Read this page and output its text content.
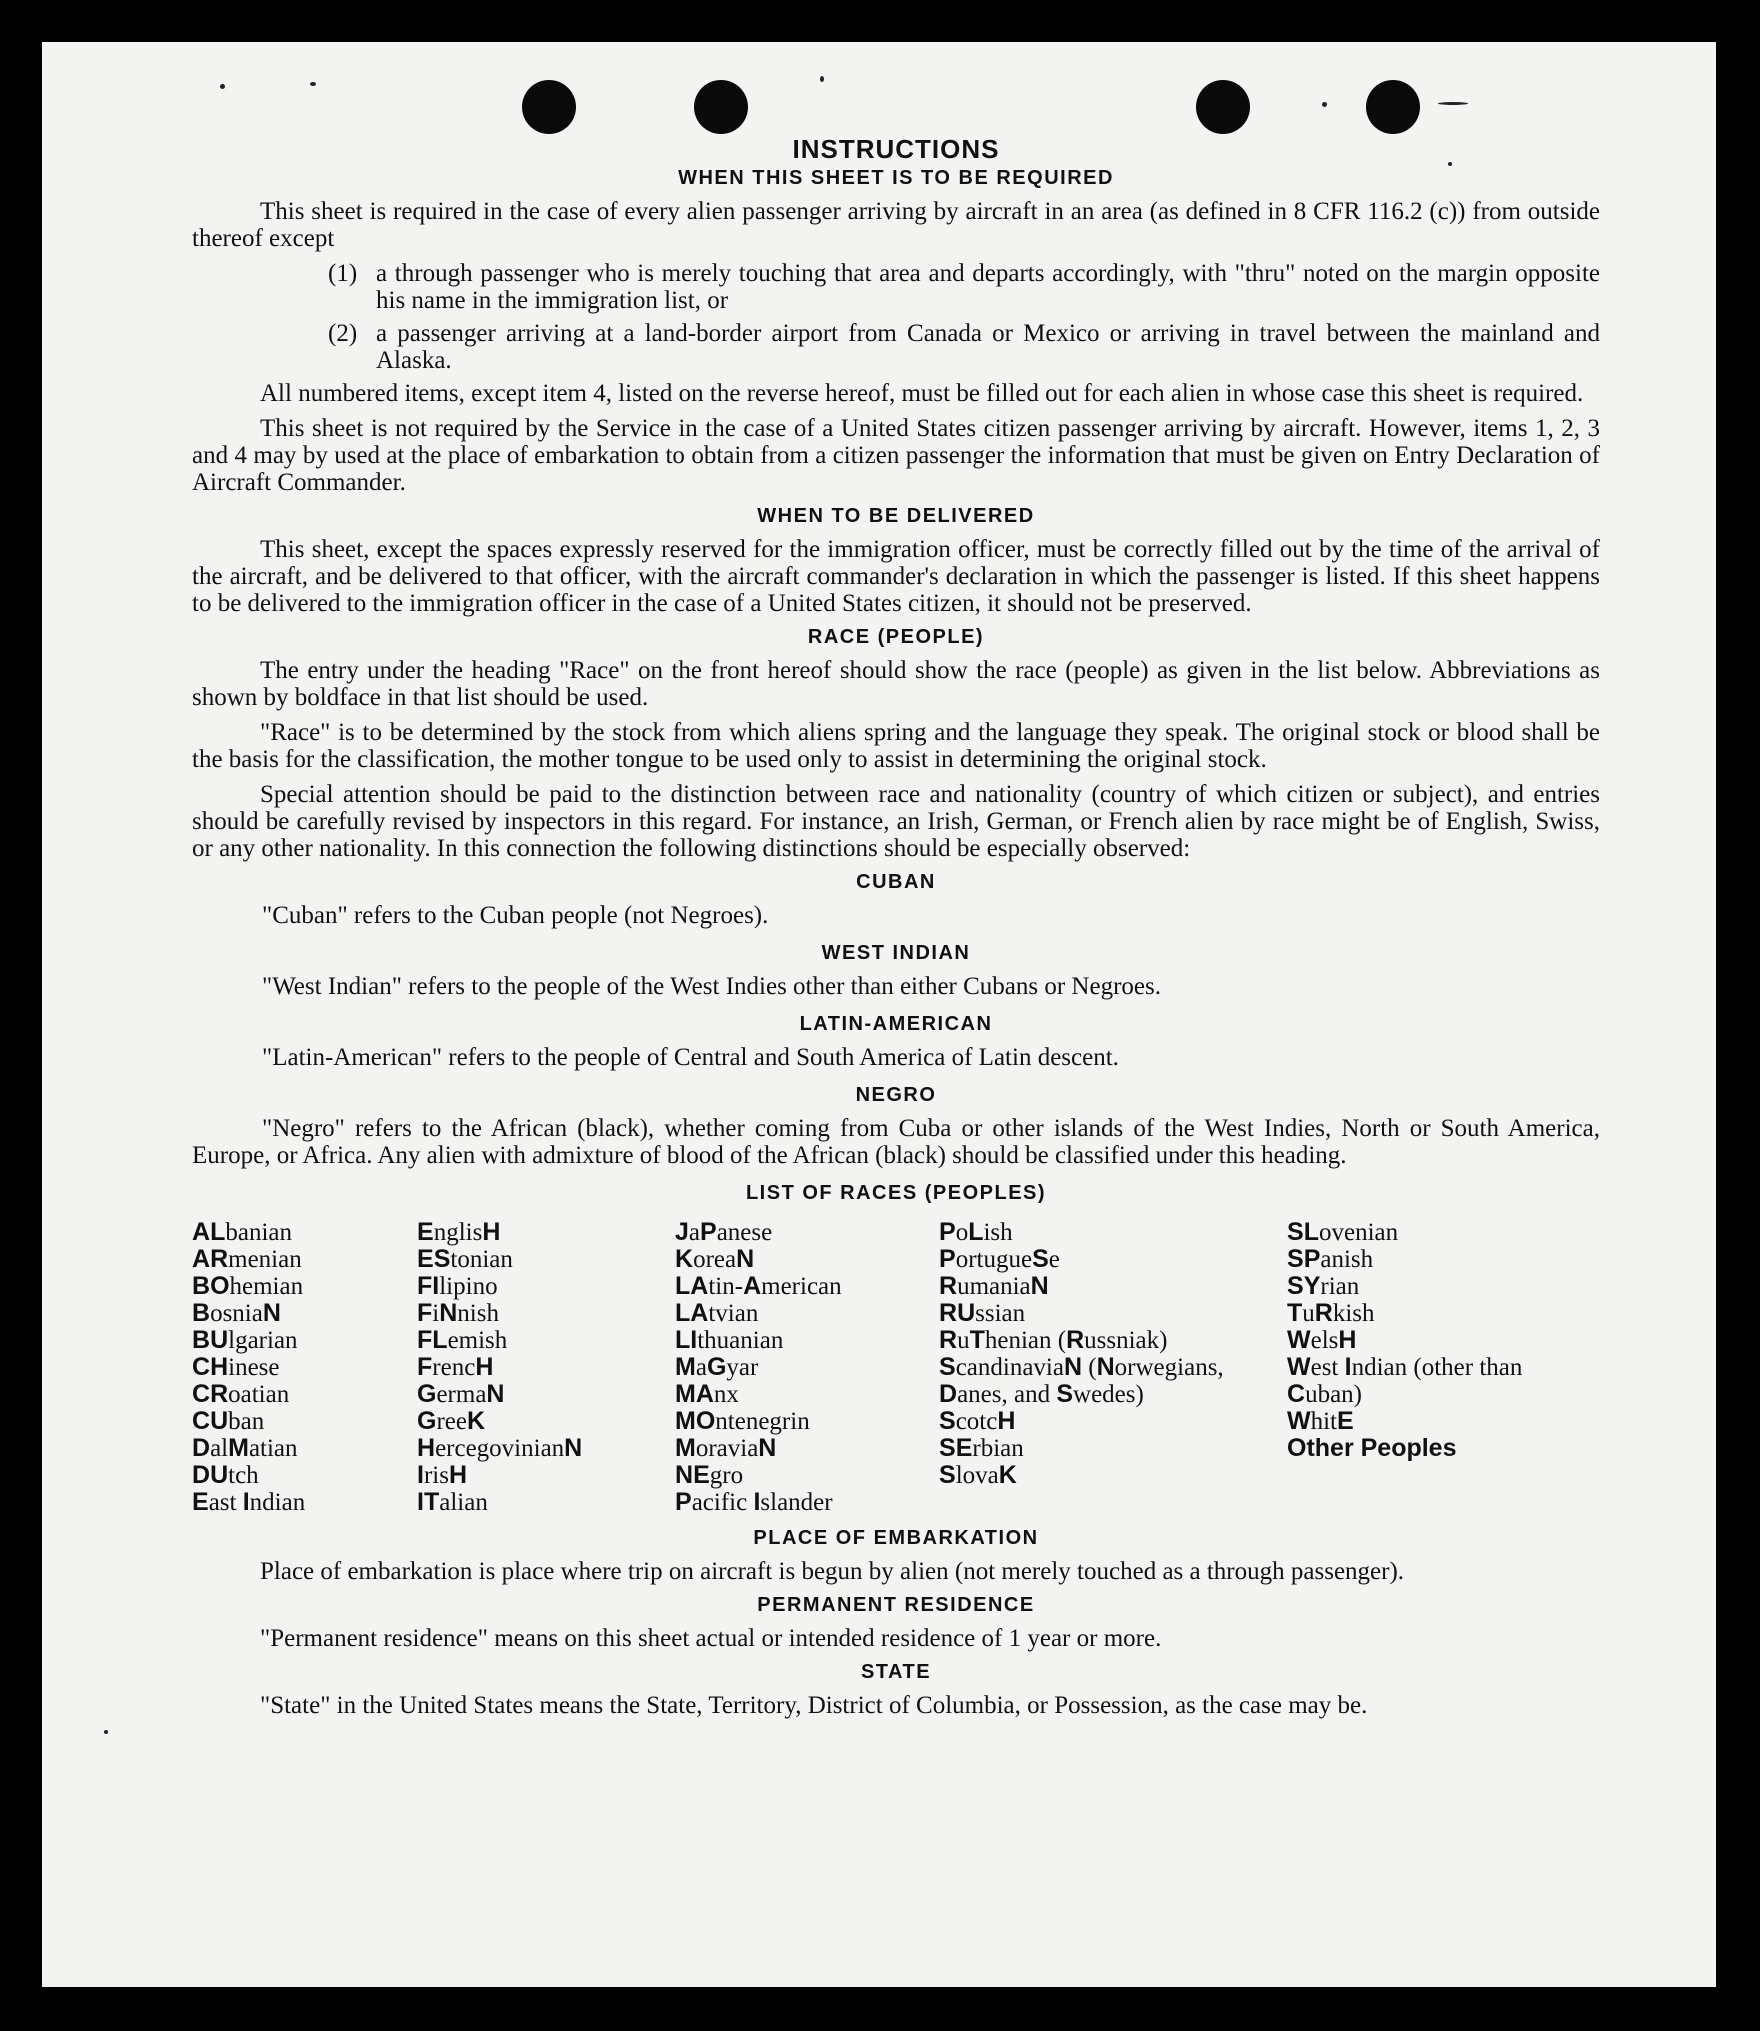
INSTRUCTIONS
WHEN THIS SHEET IS TO BE REQUIRED

This sheet is required in the case of every alien passenger arriving by aircraft in an area (as defined in 8 CFR 116.2 (c)) from outside thereof except

(1) a through passenger who is merely touching that area and departs accordingly, with "thru" noted on the margin opposite his name in the immigration list, or
(2) a passenger arriving at a land-border airport from Canada or Mexico or arriving in travel between the mainland and Alaska.

All numbered items, except item 4, listed on the reverse hereof, must be filled out for each alien in whose case this sheet is required.

This sheet is not required by the Service in the case of a United States citizen passenger arriving by aircraft. However, items 1, 2, 3 and 4 may by used at the place of embarkation to obtain from a citizen passenger the information that must be given on Entry Declaration of Aircraft Commander.

WHEN TO BE DELIVERED

This sheet, except the spaces expressly reserved for the immigration officer, must be correctly filled out by the time of the arrival of the aircraft, and be delivered to that officer, with the aircraft commander's declaration in which the passenger is listed. If this sheet happens to be delivered to the immigration officer in the case of a United States citizen, it should not be preserved.

RACE (PEOPLE)

The entry under the heading "Race" on the front hereof should show the race (people) as given in the list below. Abbreviations as shown by boldface in that list should be used.

"Race" is to be determined by the stock from which aliens spring and the language they speak. The original stock or blood shall be the basis for the classification, the mother tongue to be used only to assist in determining the original stock.

Special attention should be paid to the distinction between race and nationality (country of which citizen or subject), and entries should be carefully revised by inspectors in this regard. For instance, an Irish, German, or French alien by race might be of English, Swiss, or any other nationality. In this connection the following distinctions should be especially observed:

CUBAN

"Cuban" refers to the Cuban people (not Negroes).

WEST INDIAN

"West Indian" refers to the people of the West Indies other than either Cubans or Negroes.

LATIN-AMERICAN

"Latin-American" refers to the people of Central and South America of Latin descent.

NEGRO

"Negro" refers to the African (black), whether coming from Cuba or other islands of the West Indies, North or South America, Europe, or Africa. Any alien with admixture of blood of the African (black) should be classified under this heading.

LIST OF RACES (PEOPLES)
ALbanian
ARmenian
BOhemian
BosniaN
BUlgarian
CHinese
CRoatian
CUban
DalMatian
DUtch
East Indian
EnglisH
EStonian
FIlipino
FiNnish
FLemish
FrencH
GermaN
GreeK
HercegovinianN
IrisH
ITalian
JaPanese
KoreaN
LAtin-American
LAtvian
LIthuanian
MaGyar
MAnx
MOntenegrin
MoraviaN
NEgro
Pacific Islander
PoLish
PortugueSe
RumaniaN
RUssian
RuThenian (Russniak)
ScandinaviaN (Norwegians, Danes, and Swedes)
ScotcH
SErbian
SlovaK
SLovenian
SPanish
SYrian
TuRkish
WelsH
West Indian (other than Cuban)
WhitE
Other Peoples
PLACE OF EMBARKATION

Place of embarkation is place where trip on aircraft is begun by alien (not merely touched as a through passenger).

PERMANENT RESIDENCE

"Permanent residence" means on this sheet actual or intended residence of 1 year or more.

STATE

"State" in the United States means the State, Territory, District of Columbia, or Possession, as the case may be.
